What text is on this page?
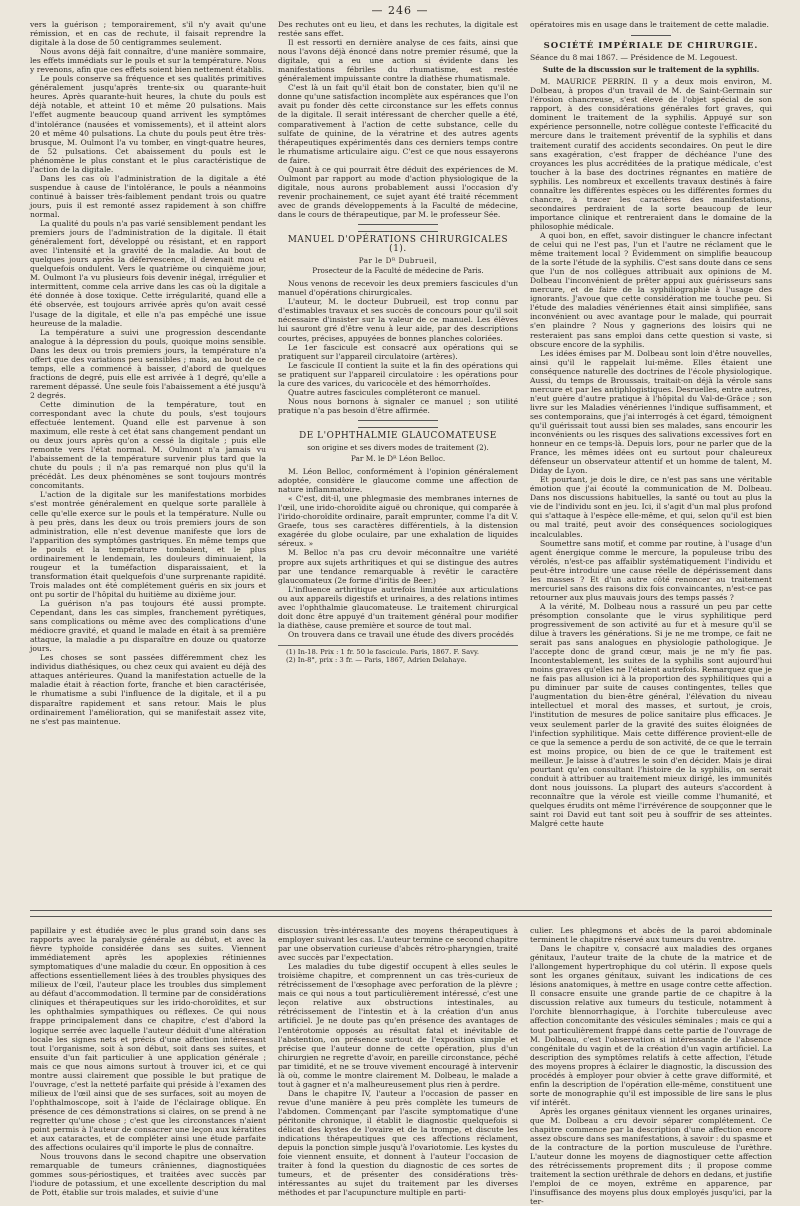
— 246 —

vers la guérison ; temporairement, s'il n'y avait qu'une rémission, et en cas de rechute, il faisait reprendre la digitale à la dose de 50 centigrammes seulement.

Nous avons déjà fait connaître, d'une manière sommaire, les effets immédiats sur le pouls et sur la température. Nous y revenons, afin que ces effets soient bien nettement établis.

Le pouls conserve sa fréquence et ses qualités primitives généralement jusqu'après trente-six ou quarante-huit heures. Après quarante-huit heures, la chute du pouls est déjà notable, et atteint 10 et même 20 pulsations. Mais l'effet augmente beaucoup quand arrivent les symptômes d'intolérance (nausées et vomissements), et il atteint alors 20 et même 40 pulsations. La chute du pouls peut être très-brusque, M. Oulmont l'a vu tomber, en vingt-quatre heures, de 52 pulsations. Cet abaissement du pouls est le phénomène le plus constant et le plus caractéristique de l'action de la digitale.

Dans les cas où l'administration de la digitale a été suspendue à cause de l'intolérance, le pouls a néanmoins continué à baisser très-faiblement pendant trois ou quatre jours, puis il est remonté assez rapidement à son chiffre normal.

La qualité du pouls n'a pas varié sensiblement pendant les premiers jours de l'administration de la digitale. Il était généralement fort, développé ou résistant, et en rapport avec l'intensité et la gravité de la maladie. Au bout de quelques jours après la défervescence, il devenait mou et quelquefois ondulent. Vers le quatrième ou cinquième jour, M. Oulmont l'a vu plusieurs fois devenir inégal, irrégulier et intermittent, comme cela arrive dans les cas où la digitale a été donnée à dose toxique. Cette irrégularité, quand elle a été observée, est toujours arrivée après qu'on avait cessé l'usage de la digitale, et elle n'a pas empêché une issue heureuse de la maladie.

La température a suivi une progression descendante analogue à la dépression du pouls, quoique moins sensible. Dans les deux ou trois premiers jours, la température n'a offert que des variations peu sensibles ; mais, au bout de ce temps, elle a commencé à baisser, d'abord de quelques fractions de degré, puis elle est arrivée à 1 degré, qu'elle a rarement dépassé. Une seule fois l'abaissement a été jusqu'à 2 degrés.

Cette diminution de la température, tout en correspondant avec la chute du pouls, s'est toujours effectuée lentement. Quand elle est parvenue à son maximum, elle reste à cet état sans changement pendant un ou deux jours après qu'on a cessé la digitale ; puis elle remonte vers l'état normal. M. Oulmont n'a jamais vu l'abaissement de la température survenir plus tard que la chute du pouls ; il n'a pas remarqué non plus qu'il la précédât. Les deux phénomènes se sont toujours montrés concomitants.

L'action de la digitale sur les manifestations morbides s'est montrée généralement en quelque sorte parallèle à celle qu'elle exerce sur le pouls et la température. Nulle ou à peu près, dans les deux ou trois premiers jours de son administration, elle n'est devenue manifeste que lors de l'apparition des symptômes gastriques. En même temps que le pouls et la température tombaient, et le plus ordinairement le lendemain, les douleurs diminuaient, la rougeur et la tuméfaction disparaissaient, et la transformation était quelquefois d'une surprenante rapidité. Trois malades ont été complétement guéris en six jours et ont pu sortir de l'hôpital du huitième au dixième jour.

La guérison n'a pas toujours été aussi prompte. Cependant, dans les cas simples, franchement pyrétiques, sans complications ou même avec des complications d'une médiocre gravité, et quand le malade en était à sa première attaque, la maladie a pu disparaître en douze ou quatorze jours.

Les choses se sont passées différemment chez les individus diathésiques, ou chez ceux qui avaient eu déjà des attaques antérieures. Quand la manifestation actuelle de la maladie était à réaction forte, franche et bien caractérisée, le rhumatisme a subi l'influence de la digitale, et il a pu disparaître rapidement et sans retour. Mais le plus ordinairement l'amélioration, qui se manifestait assez vite, ne s'est pas maintenue.

Des rechutes ont eu lieu, et dans les rechutes, la digitale est restée sans effet.

Il est ressorti en dernière analyse de ces faits, ainsi que nous l'avons déjà énoncé dans notre premier résumé, que la digitale, qui a eu une action si évidente dans les manifestations fébriles du rhumatisme, est restée généralement impuissante contre la diathèse rhumatismale.

C'est là un fait qu'il était bon de constater, bien qu'il ne donne qu'une satisfaction incomplète aux espérances que l'on avait pu fonder dès cette circonstance sur les effets connus de la digitale. Il serait intéressant de chercher quelle a été, comparativement à l'action de cette substance, celle du sulfate de quinine, de la vératrine et des autres agents thérapeutiques expérimentés dans ces derniers temps contre le rhumatisme articulaire aigu. C'est ce que nous essayerons de faire.

Quant à ce qui pourrait être déduit des expériences de M. Oulmont par rapport au mode d'action physiologique de la digitale, nous aurons probablement aussi l'occasion d'y revenir prochainement, ce sujet ayant été traité récemment avec de grands développements à la Faculté de médecine, dans le cours de thérapeutique, par M. le professeur Sée.

MANUEL D'OPÉRATIONS CHIRURGICALES (1).
Par le Dᴿ Dubrueil,
Prosecteur de la Faculté de médecine de Paris.

Nous venons de recevoir les deux premiers fascicules d'un manuel d'opérations chirurgicales.

L'auteur, M. le docteur Dubrueil, est trop connu par d'estimables travaux et ses succès de concours pour qu'il soit nécessaire d'insister sur la valeur de ce manuel. Les élèves lui sauront gré d'être venu à leur aide, par des descriptions courtes, précises, appuyées de bonnes planches coloriées.

Le 1er fascicule est consacré aux opérations qui se pratiquent sur l'appareil circulatoire (artères).

Le fascicule II contient la suite et la fin des opérations qui se pratiquent sur l'appareil circulatoire : les opérations pour la cure des varices, du varicocèle et des hémorrhoïdes.

Quatre autres fascicules compléteront ce manuel.

Nous nous bornons à signaler ce manuel ; son utilité pratique n'a pas besoin d'être affirmée.

DE L'OPHTHALMIE GLAUCOMATEUSE
son origine et ses divers modes de traitement (2).
Par M. le Dᴿ Léon Belloc.

M. Léon Belloc, conformément à l'opinion généralement adoptée, considère le glaucome comme une affection de nature inflammatoire.

« C'est, dit-il, une phlegmasie des membranes internes de l'œil, une irido-choroïdite aiguë ou chronique, qui comparée à l'irido-choroïdite ordinaire, paraît emprunter, comme l'a dit V. Graefe, tous ses caractères différentiels, à la distension exagérée du globe oculaire, par une exhalation de liquides séreux. »

M. Belloc n'a pas cru devoir méconnaître une variété propre aux sujets arthritiques et qui se distingue des autres par une tendance remarquable à revêtir le caractère glaucomateux (2e forme d'iritis de Beer.)

L'influence arthritique autrefois limitée aux articulations ou aux appareils digestifs et urinaires, a des relations intimes avec l'ophthalmie glaucomateuse. Le traitement chirurgical doit donc être appuyé d'un traitement général pour modifier la diathèse, cause première et source de tout mal.

On trouvera dans ce travail une étude des divers procédés

(1) In-18. Prix : 1 fr. 50 le fascicule. Paris, 1867. F. Savy.
(2) In-8°, prix : 3 fr. — Paris, 1867, Adrien Delahaye.

opératoires mis en usage dans le traitement de cette maladie.

SOCIÉTÉ IMPÉRIALE DE CHIRURGIE.
Séance du 8 mai 1867. — Présidence de M. Legouest.
Suite de la discussion sur le traitement de la syphilis.

M. MAURICE PERRIN. Il y a deux mois environ, M. Dolbeau, à propos d'un travail de M. de Saint-Germain sur l'érosion chancreuse, s'est élevé de l'objet spécial de son rapport, à des considérations générales fort graves, qui dominent le traitement de la syphilis. Appuyé sur son expérience personnelle, notre collègue conteste l'efficacité du mercure dans le traitement préventif de la syphilis et dans traitement curatif des accidents secondaires. On peut le dire sans exagération, c'est frapper de déchéance l'une des croyances les plus accréditées de la pratique médicale, c'est toucher à la base des doctrines régnantes en matière de syphilis. Les nombreux et excellents travaux destinés à faire connaître les différentes espèces ou les différentes formes du chancre, à tracer les caractères des manifestations, secondaires perdraient de la sorte beaucoup de leur importance clinique et rentreraient dans le domaine de la philosophie médicale.

A quoi bon, en effet, savoir distinguer le chancre infectant de celui qui ne l'est pas, l'un et l'autre ne réclament que le même traitement local ? Évidemment on simplifie beaucoup de la sorte l'étude de la syphilis. C'est sans doute dans ce sens que l'un de nos collègues attribuait aux opinions de M. Dolbeau l'inconvénient de prêter appui aux guérisseurs sans mercure, et de faire de la syphiliographie à l'usage des ignorants. J'avoue que cette considération me touche peu. Si l'étude des maladies vénériennes était ainsi simplifiée, sans inconvénient ou avec avantage pour le malade, qui pourrait s'en plaindre ? Nous y gagnerions des loisirs qui ne resteraient pas sans emploi dans cette question si vaste, si obscure encore de la syphilis.

Les idées émises par M. Dolbeau sont loin d'être nouvelles, ainsi qu'il le rappelait lui-même. Elles étaient une conséquence naturelle des doctrines de l'école physiologique. Aussi, du temps de Broussais, traitait-on déjà la vérole sans mercure et par les antiphlogistiques. Desruelles, entre autres, n'eut guère d'autre pratique à l'hôpital du Val-de-Grâce ; son livre sur les Maladies vénériennes l'indique suffisamment, et ses contemporains, que j'ai interrogés à cet égard, témoignent qu'il guérissait tout aussi bien ses malades, sans encourir les inconvénients ou les risques des salivations excessives fort en honneur en ce temps-là. Depuis lors, pour ne parler que de la France, les mêmes idées ont eu surtout pour chaleureux défenseur un observateur attentif et un homme de talent, M. Diday de Lyon.

Et pourtant, je dois le dire, ce n'est pas sans une véritable émotion que j'ai écouté la communication de M. Dolbeau. Dans nos discussions habituelles, la santé ou tout au plus la vie de l'individu sont en jeu. Ici, il s'agit d'un mal plus profond qui s'attaque à l'espèce elle-même, et qui, selon qu'il est bien ou mal traité, peut avoir des conséquences sociologiques incalculables.

Soumettre sans motif, et comme par routine, à l'usage d'un agent énergique comme le mercure, la populeuse tribu des vérolés, n'est-ce pas affaiblir systématiquement l'individu et peut-être introduire une cause réelle de dépérissement dans les masses ? Et d'un autre côté renoncer au traitement mercuriel sans des raisons dix fois convaincantes, n'est-ce pas retourner aux plus mauvais jours des temps passés ?

A la vérité, M. Dolbeau nous a rassuré un peu par cette présomption consolante que le virus syphilitique perd progressivement de son activité au fur et à mesure qu'il se dilue à travers les générations. Si je ne me trompe, ce fait ne serait pas sans analogues en physiologie pathologique. Je l'accepte donc de grand cœur, mais je ne m'y fie pas. Incontestablement, les suites de la syphilis sont aujourd'hui moins graves qu'elles ne l'étaient autrefois. Remarquez que je ne fais pas allusion ici à la proportion des syphilitiques qui a pu diminuer par suite de causes contingentes, telles que l'augmentation du bien-être général, l'élévation du niveau intellectuel et moral des masses, et surtout, je crois, l'institution de mesures de police sanitaire plus efficaces. Je veux seulement parler de la gravité des suites éloignées de l'infection syphilitique. Mais cette différence provient-elle de ce que la semence a perdu de son activité, de ce que le terrain est moins propice, ou bien de ce que le traitement est meilleur. Je laisse à d'autres le soin d'en décider. Mais je dirai pourtant qu'en consultant l'histoire de la syphilis, on serait conduit à attribuer au traitement mieux dirigé, les immunités dont nous jouissons. La plupart des auteurs s'accordent à reconnaître que la vérole est vieille comme l'humanité, et quelques érudits ont même l'irrévérence de soupçonner que le saint roi David eut tant soit peu à souffrir de ses atteintes. Malgré cette haute

papillaire y est étudiée avec le plus grand soin dans ses rapports avec la paralysie générale au début, et avec la fièvre typhoïde considérée dans ses suites. Viennent immédiatement après les apoplexies rétiniennes symptomatiques d'une maladie du cœur. En opposition à ces affections essentiellement liées à des troubles physiques des milieux de l'œil, l'auteur place les troubles dus simplement au défaut d'accommodation. Il termine par de considérations cliniques et thérapeutiques sur les irido-choroïdites, et sur les ophthalmies sympathiques ou réflexes. Ce qui nous frappe principalement dans ce chapitre, c'est d'abord la logique serrée avec laquelle l'auteur déduit d'une altération locale les signes nets et précis d'une affection intéressant tout l'organisme, soit à son début, soit dans ses suites, et ensuite d'un fait particulier à une application générale ; mais ce que nous aimons surtout à trouver ici, et ce qui montre aussi clairement que possible le but pratique de l'ouvrage, c'est la netteté parfaite qui préside à l'examen des milieux de l'œil ainsi que de ses surfaces, soit au moyen de l'ophthalmoscope, soit à l'aide de l'éclairage oblique. En présence de ces démonstrations si claires, on se prend à ne regretter qu'une chose ; c'est que les circonstances n'aient point permis à l'auteur de consacrer une leçon aux kératites et aux cataractes, et de compléter ainsi une étude parfaite des affections oculaires qu'il importe le plus de connaître.

Nous trouvons dans le second chapitre une observation remarquable de tumeurs crâniennes, diagnostiquées gommes sous-périostiques, et traitées avec succès par l'iodure de potassium, et une excellente description du mal de Pott, établie sur trois malades, et suivie d'une

discussion très-intéressante des moyens thérapeutiques à employer suivant les cas. L'auteur termine ce second chapitre par une observation curieuse d'abcès rétro-pharyngien, traité avec succès par l'expectation.

Les maladies du tube digestif occupent à elles seules le troisième chapitre, et comprennent un cas très-curieux de rétrécissement de l'œsophage avec perforation de la plèvre ; mais ce qui nous a tout particulièrement intéressé, c'est une leçon relative aux obstructions intestinales, au rétrécissement de l'intestin et à la création d'un anus artificiel. Je ne doute pas qu'en présence des avantages de l'entérotomie opposés au résultat fatal et inévitable de l'abstention, on présence surtout de l'exposition simple et précise que l'auteur donne de cette opération, plus d'un chirurgien ne regrette d'avoir, en pareille circonstance, péché par timidité, et ne se trouve vivement encouragé à intervenir là où, comme le montre clairement M. Dolbeau, le malade a tout à gagner et n'a malheureusement plus rien à perdre.

Dans le chapitre IV, l'auteur a l'occasion de passer en revue d'une manière à peu près complète les tumeurs de l'abdomen. Commençant par l'ascite symptomatique d'une péritonite chronique, il établit le diagnostic quelquefois si délicat des kystes de l'ovaire et de la trompe, et discute les indications thérapeutiques que ces affections réclament, depuis la ponction simple jusqu'à l'ovariotomie. Les kystes du foie viennent ensuite, et donnent à l'auteur l'occasion de traiter à fond la question du diagnostic de ces sortes de tumeurs, et de présenter des considérations très-intéressantes au sujet du traitement par les diverses méthodes et par l'acupuncture multiple en parti-

culier. Les phlegmons et abcès de la paroi abdominale terminent le chapitre réservé aux tumeurs du ventre.

Dans le chapitre v, consacré aux maladies des organes génitaux, l'auteur traite de la chute de la matrice et de l'allongement hypertrophique du col utérin. Il expose quels sont les organes génitaux, suivant les indications de ces lésions anatomiques, à mettre en usage contre cette affection. Il consacre ensuite une grande partie de ce chapitre à la discussion relative aux tumeurs du testicule, notamment à l'orchite blennorrhagique, à l'orchite tuberculeuse avec affection concomitante des vésicules séminales ; mais ce qui a tout particulièrement frappé dans cette partie de l'ouvrage de M. Dolbeau, c'est l'observation si intéressante de l'absence congénitale du vagin et de la création d'un vagin artificiel. La description des symptômes relatifs à cette affection, l'étude des moyens propres à éclairer le diagnostic, la discussion des procédés à employer pour obvier à cette grave difformité, et enfin la description de l'opération elle-même, constituent une sorte de monographie qu'il est impossible de lire sans le plus vif intérêt.

Après les organes génitaux viennent les organes urinaires, que M. Dolbeau a cru devoir séparer complétement. Ce chapitre commence par la description d'une affection encore assez obscure dans ses manifestations, à savoir : du spasme et de la contracture de la portion musculeuse de l'urèthre. L'auteur donne les moyens de diagnostiquer cette affection des rétrécissements proprement dits ; il propose comme traitement la section uréthrale de dehors en dedans, et justifie l'emploi de ce moyen, extrême en apparence, par l'insuffisance des moyens plus doux employés jusqu'ici, par la ter-
